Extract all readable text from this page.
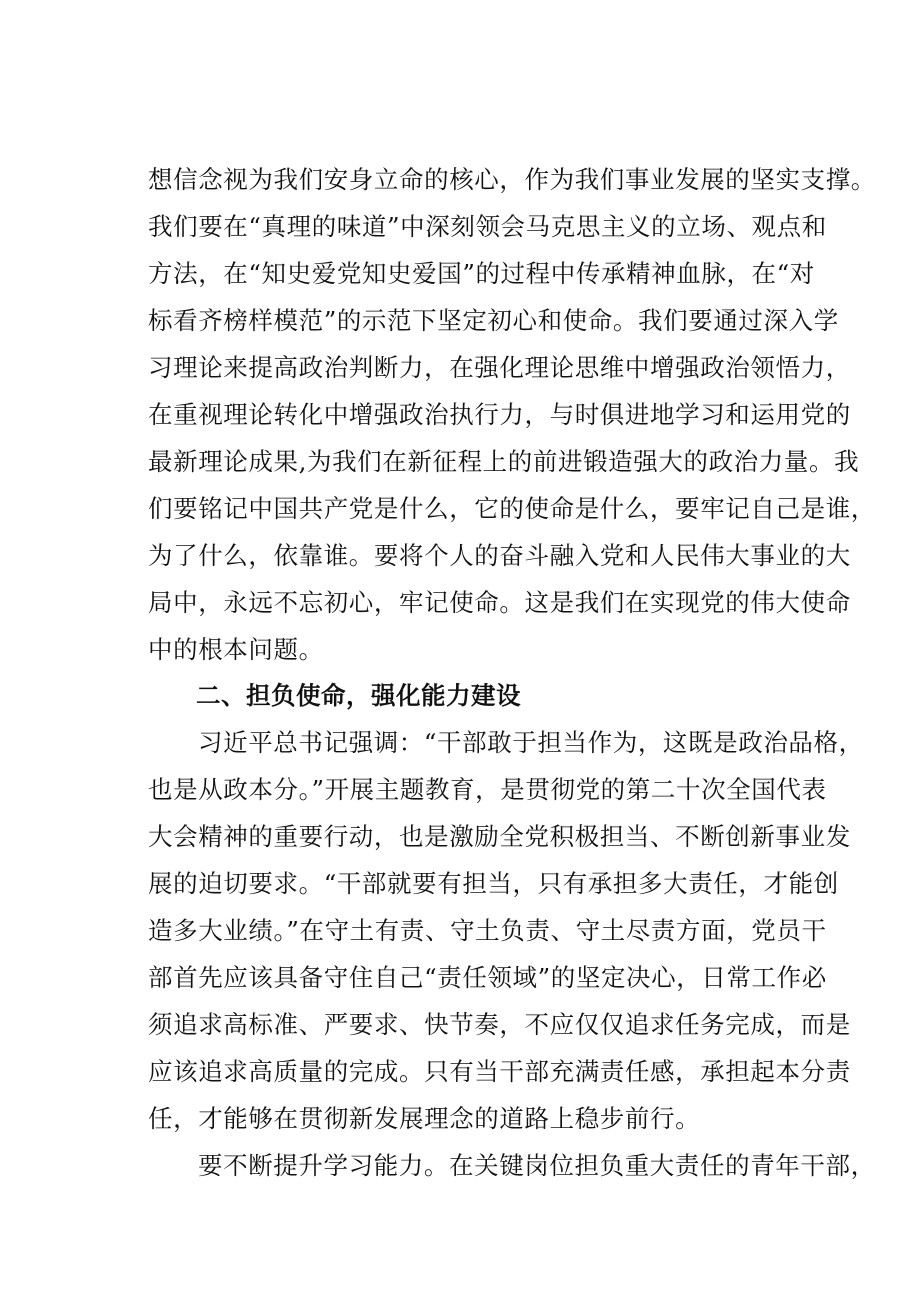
想信念视为我们安身立命的核心，作为我们事业发展的坚实支撑。
我们要在“真理的味道”中深刻领会马克思主义的立场、观点和
方法，在“知史爱党知史爱国”的过程中传承精神血脉，在“对
标看齐榜样模范”的示范下坚定初心和使命。我们要通过深入学
习理论来提高政治判断力，在强化理论思维中增强政治领悟力，
在重视理论转化中增强政治执行力，与时俱进地学习和运用党的
最新理论成果,为我们在新征程上的前进锻造强大的政治力量。我
们要铭记中国共产党是什么，它的使命是什么，要牢记自己是谁，
为了什么，依靠谁。要将个人的奋斗融入党和人民伟大事业的大
局中，永远不忘初心，牢记使命。这是我们在实现党的伟大使命
中的根本问题。
二、担负使命，强化能力建设
习近平总书记强调：“干部敢于担当作为，这既是政治品格，
也是从政本分。”开展主题教育，是贯彻党的第二十次全国代表
大会精神的重要行动，也是激励全党积极担当、不断创新事业发
展的迫切要求。“干部就要有担当，只有承担多大责任，才能创
造多大业绩。”在守土有责、守土负责、守土尽责方面，党员干
部首先应该具备守住自己“责任领域”的坚定决心，日常工作必
须追求高标准、严要求、快节奏，不应仅仅追求任务完成，而是
应该追求高质量的完成。只有当干部充满责任感，承担起本分责
任，才能够在贯彻新发展理念的道路上稳步前行。
要不断提升学习能力。在关键岗位担负重大责任的青年干部，
